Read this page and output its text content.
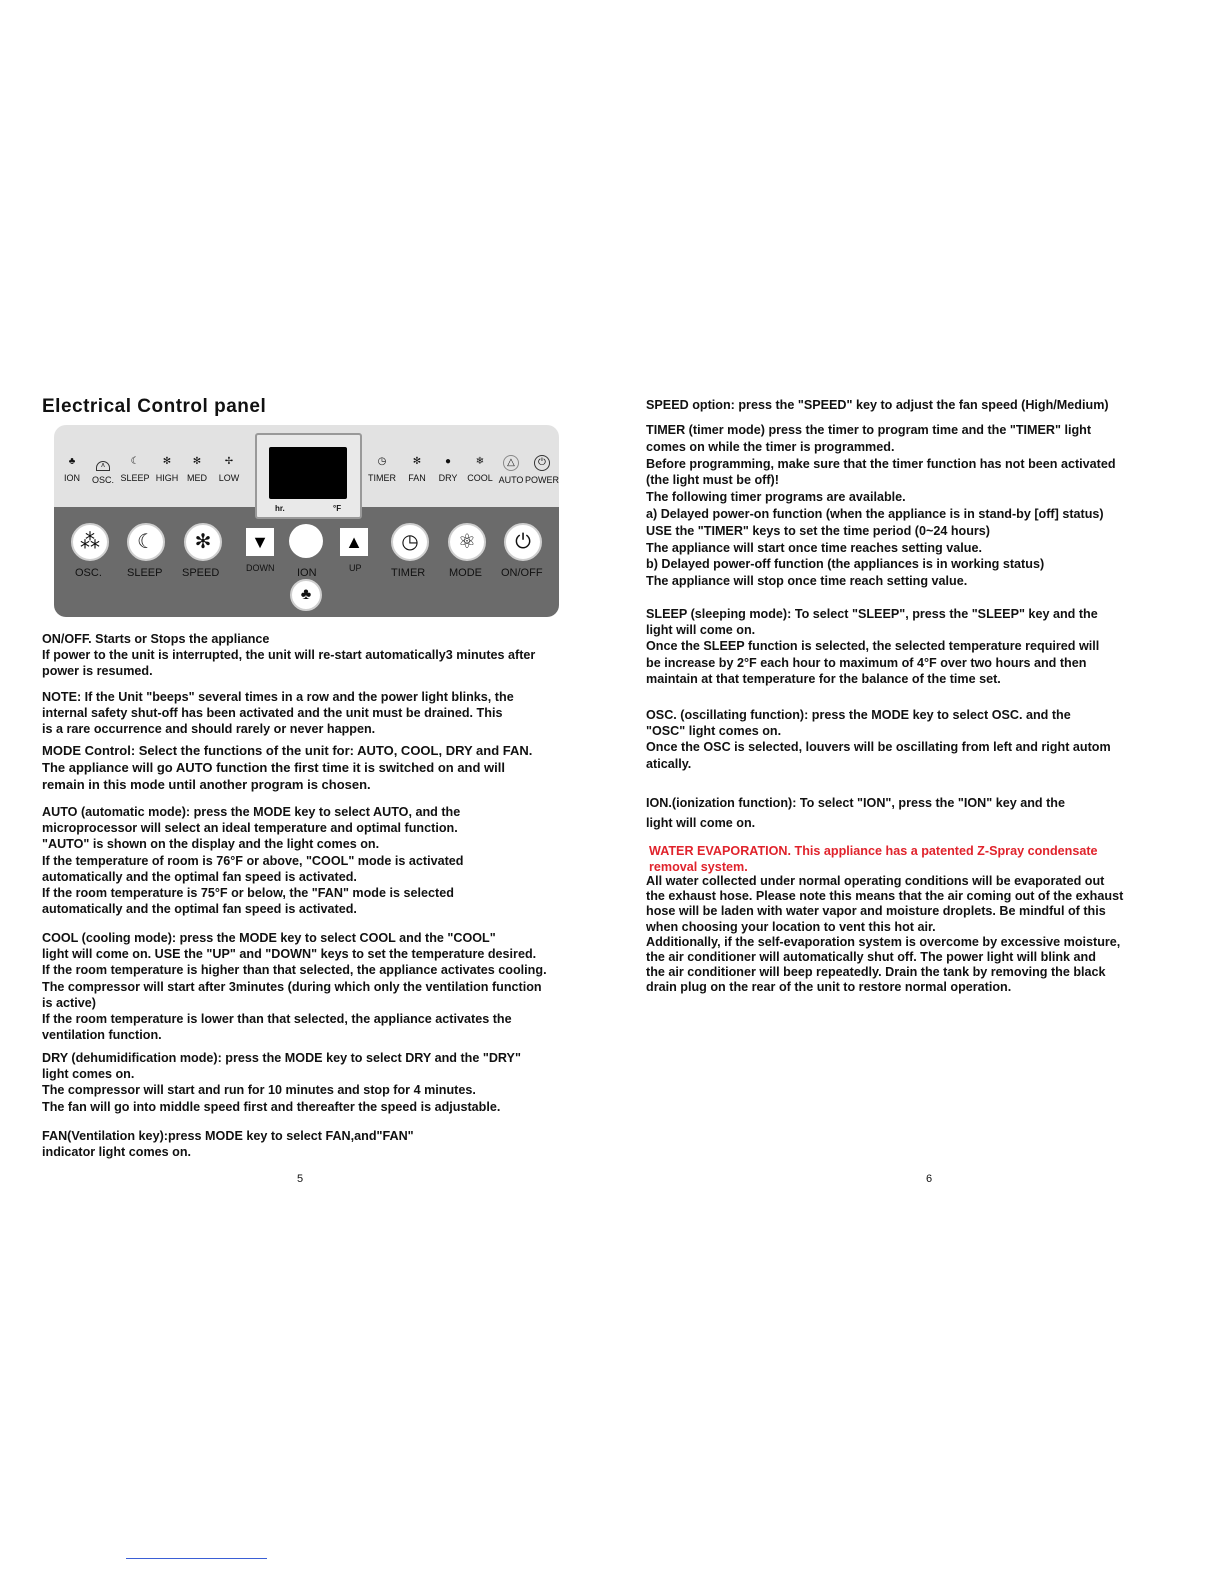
Electrical Control panel
♣
ION
ʌ
OSC.
☾
SLEEP
✻
HIGH
✻
MED
✢
LOW
hr.	°F
◷
TIMER
✻
FAN
●
DRY
❄
COOL
△
AUTO
⏻
POWER
⁂
OSC.
☾
SLEEP
✻
SPEED
▼
DOWN ION
♣
▲
UP
◷
TIMER
⚛
MODE
⏻
ON/OFF

ON/OFF. Starts or Stops the appliance
If power to the unit is interrupted, the unit will re-start automatically3 minutes after
power is resumed.

NOTE: If the Unit "beeps" several times in a row and the power light blinks, the
internal safety shut-off has been activated and the unit must be drained. This
is a rare occurrence and should rarely or never happen.

MODE Control: Select the functions of the unit for: AUTO, COOL, DRY and FAN.
The appliance will go AUTO function the first time it is switched on and will
remain in this mode until another program is chosen.

AUTO (automatic mode): press the MODE key to select AUTO, and the
microprocessor will select an ideal temperature and optimal function.
"AUTO" is shown on the display and the light comes on.
If the temperature of room is 76°F or above, "COOL" mode is activated
automatically and the optimal fan speed is activated.
If the room temperature is 75°F or below, the "FAN" mode is selected
automatically and the optimal fan speed is activated.

COOL (cooling mode): press the MODE key to select COOL and the "COOL"
light will come on. USE the "UP" and "DOWN" keys to set the temperature desired.
If the room temperature is higher than that selected, the appliance activates cooling.
The compressor will start after 3minutes (during which only the ventilation function
is active)
If the room temperature is lower than that selected, the appliance activates the
ventilation function.

DRY (dehumidification mode): press the MODE key to select DRY and the "DRY"
light comes on.
The compressor will start and run for 10 minutes and stop for 4 minutes.
The fan will go into middle speed first and thereafter the speed is adjustable.

FAN(Ventilation key):press MODE key to select FAN,and"FAN"
indicator light comes on.

5

SPEED option: press the "SPEED" key to adjust the fan speed (High/Medium)

TIMER (timer mode) press the timer to program time and the "TIMER" light
comes on while the timer is programmed.
Before programming, make sure that the timer function has not been activated
(the light must be off)!
The following timer programs are available.
a) Delayed power-on function (when the appliance is in stand-by [off] status)
USE the "TIMER" keys to set the time period (0~24 hours)
The appliance will start once time reaches setting value.
b) Delayed power-off function (the appliances is in working status)
The appliance will stop once time reach setting value.

SLEEP (sleeping mode): To select "SLEEP", press the "SLEEP" key and the
light will come on.
Once the SLEEP function is selected, the selected temperature required will
be increase by 2°F each hour to maximum of 4°F over two hours and then
maintain at that temperature for the balance of the time set.

OSC. (oscillating function): press the MODE key to select OSC. and the
"OSC" light comes on.
Once the OSC is selected, louvers will be oscillating from left and right autom
atically.

ION.(ionization function): To select "ION", press the "ION" key and the
light will come on.

WATER EVAPORATION. This appliance has a patented Z-Spray condensate
removal system.

All water collected under normal operating conditions will be evaporated out
the exhaust hose. Please note this means that the air coming out of the exhaust
hose will be laden with water vapor and moisture droplets. Be mindful of this
when choosing your location to vent this hot air.
Additionally, if the self-evaporation system is overcome by excessive moisture,
the air conditioner will automatically shut off. The power light will blink and
the air conditioner will beep repeatedly. Drain the tank by removing the black
drain plug on the rear of the unit to restore normal operation.

6
